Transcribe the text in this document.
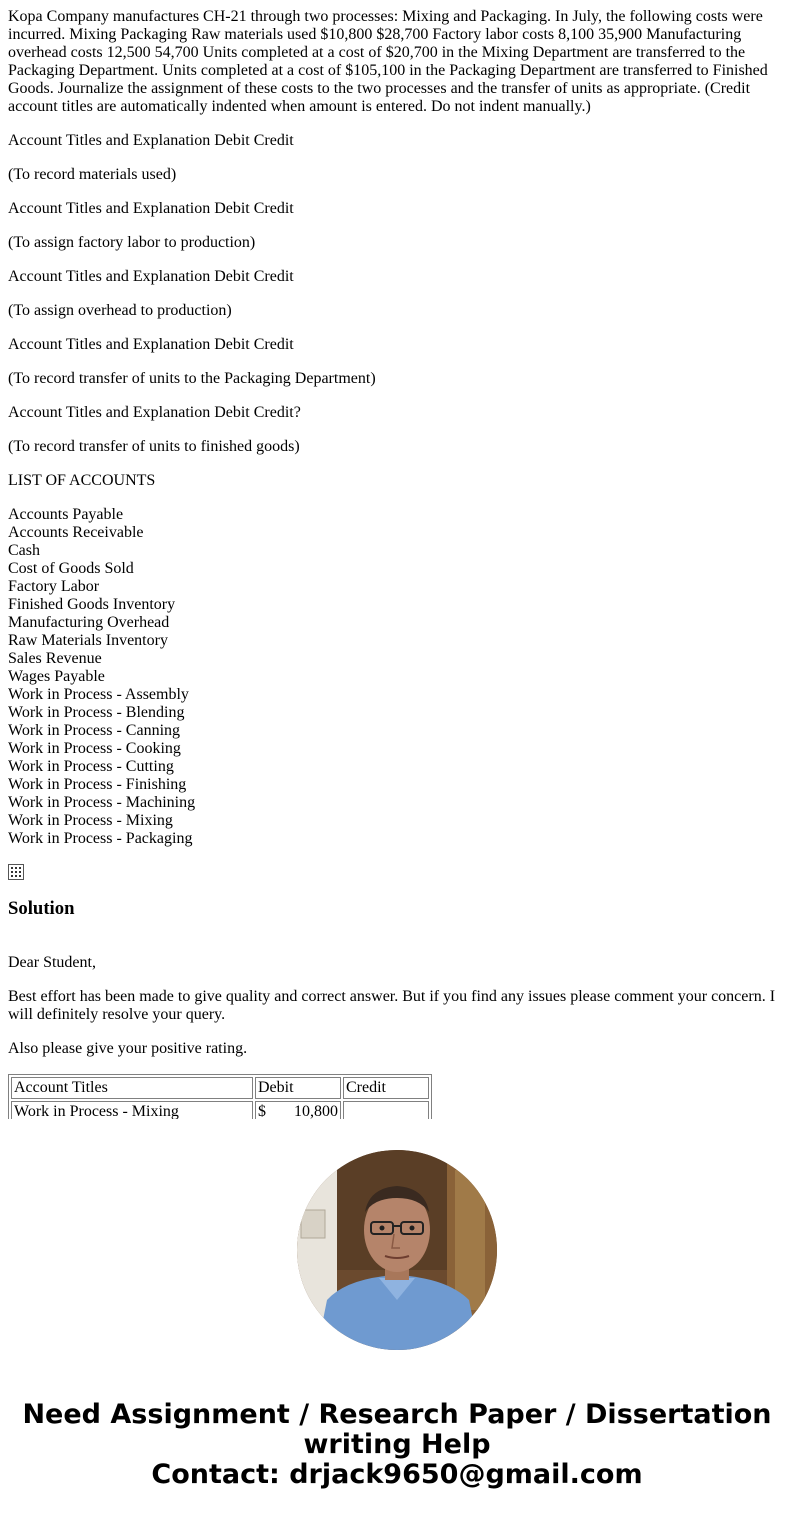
Kopa Company manufactures CH-21 through two processes: Mixing and Packaging. In July, the following costs were incurred. Mixing Packaging Raw materials used $10,800 $28,700 Factory labor costs 8,100 35,900 Manufacturing overhead costs 12,500 54,700 Units completed at a cost of $20,700 in the Mixing Department are transferred to the Packaging Department. Units completed at a cost of $105,100 in the Packaging Department are transferred to Finished Goods. Journalize the assignment of these costs to the two processes and the transfer of units as appropriate. (Credit account titles are automatically indented when amount is entered. Do not indent manually.)

Account Titles and Explanation Debit Credit

(To record materials used)

Account Titles and Explanation Debit Credit

(To assign factory labor to production)

Account Titles and Explanation Debit Credit

(To assign overhead to production)

Account Titles and Explanation Debit Credit

(To record transfer of units to the Packaging Department)

Account Titles and Explanation Debit Credit?

(To record transfer of units to finished goods)

LIST OF ACCOUNTS

Accounts Payable
Accounts Receivable
Cash
Cost of Goods Sold
Factory Labor
Finished Goods Inventory
Manufacturing Overhead
Raw Materials Inventory
Sales Revenue
Wages Payable
Work in Process - Assembly
Work in Process - Blending
Work in Process - Canning
Work in Process - Cooking
Work in Process - Cutting
Work in Process - Finishing
Work in Process - Machining
Work in Process - Mixing
Work in Process - Packaging
Solution

Dear Student,

Best effort has been made to give quality and correct answer. But if you find any issues please comment your concern. I will definitely resolve your query.

Also please give your positive rating.

Account Titles	Debit	Credit
Work in Process - Mixing	$ 10,800	

Need Assignment / Research Paper / Dissertation
writing Help
Contact: drjack9650@gmail.com
